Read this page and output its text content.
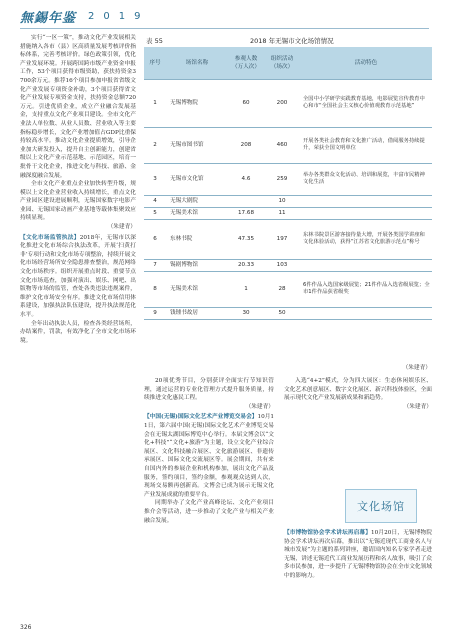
無錫年鉴 2019

实行“一区一策”，推动文化产业发展相关措施纳入各市（县）区高质量发展考核评价指标体系，完善考核评价。绿色政策引领，优化产业发展环境。开展跨国跨市级产业资金申报工作，53个项目获得市级资助，获扶持资金3700余万元。推荐16个项目参加申报省省级文化产业发展专项资金补助，3个项目获得省文化产业发展专项资金支持，扶持资金总额720万元。引进优质企业，成立产业融合发展基金，支持重点文化产业项目建设。全市文化产业法人单位数、从业人员数、营业收入等主要指标稳步增长，文化产业增加值占GDP比重保持较高水平。推动文化企业提质增效，引导企业加大研发投入，提升自主创新能力，创建省级以上文化产业示范基地、示范园区，培育一批骨干文化企业，推进文化与科技、旅游、金融深度融合发展。

全市文化产业重点企业加快转型升级，规模以上文化企业营业收入持续增长，重点文化产业园区建设进展顺利，无锡国家数字电影产业园、无锡国家动画产业基地等载体集聚效应持续显现。

（朱建青）

【文化市场监管执法】2018年，无锡市以深化推进文化市场综合执法改革，开展‘扫黄打非’专项行动和文化市场专项整治，持续开展文化市场经营场所安全隐患排查整治，规范网络文化市场秩序。组织开展重点时段、重要节点文化市场巡查，加强对演出、娱乐、网吧、出版物等市场的监管，查处各类违法违规案件，维护文化市场安全有序。推进文化市场信用体系建设，加强执法队伍建设，提升执法规范化水平。

全年出动执法人员，检查各类经营场所，办结案件，罚款，有效净化了全市文化市场环境。

表 55	2018 年无锡市文化场馆情况
序号	场馆名称	参观人数（万人次）	组织活动（场次）	活动特色
1	无锡博物院	60	200	全国中小学研学实践教育基地，电影展览宣传教育中心和市“全国社会主义核心价值观教育示范基地”
2	无锡市图书馆	208	460	开展各类社会教育和文化推广活动，借阅服务持续提升，荣获全国文明单位
3	无锡市文化馆	4.6	259	举办各类群众文化活动、培训和展览，丰富市民精神文化生活
4	无锡大剧院		10	
5	无锡美术馆	17.68	11	
6	东林书院	47.35	197	东林书院景区游客接待量大增，开展各类国学讲座和文化体验活动，获得“江苏省文化旅游示范点”称号
7	锡剧博物馆	20.33	103	
8	无锡美术馆	1	28	6件作品入选国家级展览；21件作品入选省级展览；全市1件作品获省级奖
9	钱锺书故居	30	50	
（朱建青）

20项优秀节目，分别获评全面实行节知识管理，通过运营的专业化管理方式提升服务质量，持续推进文化惠民工程。

（朱建青）

【中国(无锡)国际文化艺术产业博览交易会】10月11日，第六届中国(无锡)国际文化艺术产业博览交易会在无锡太湖国际博览中心举行。本届文博会以“文化+科技”“文化+旅游”为主题，设立文化产业综合展区、文化科技融合展区、文化旅游展区、非遗传承展区、国际文化交流展区等。展会期间，共有来自国内外的参展企业和机构参加，展出文化产品及服务，签约项目，签约金额，参观观众达到人次，现场交易额再创新高。文博会已成为展示无锡文化产业发展成就的重要平台。

同期举办了文化产业高峰论坛、文化产业项目推介会等活动，进一步推动了文化产业与相关产业融合发展。

入选“4+2”模式，分为四大展区：生态休闲娱乐区、文化艺术创意展区、数字文化展区、新兴科技体验区，全面展示现代文化产业发展新成果和新趋势。

（朱建青）

文化场馆

【市博物馆协会学术讲坛再启幕】10月20日，无锡博物院协会学术讲坛再次启幕，推出以“无锡近现代工商业名人与城市发展”为主题的系列讲座，邀请国内知名专家学者走进无锡，讲述无锡近代工商业发展历程和名人故事，吸引了众多市民参加，进一步提升了无锡博物馆协会在全市文化领域中的影响力。

326
